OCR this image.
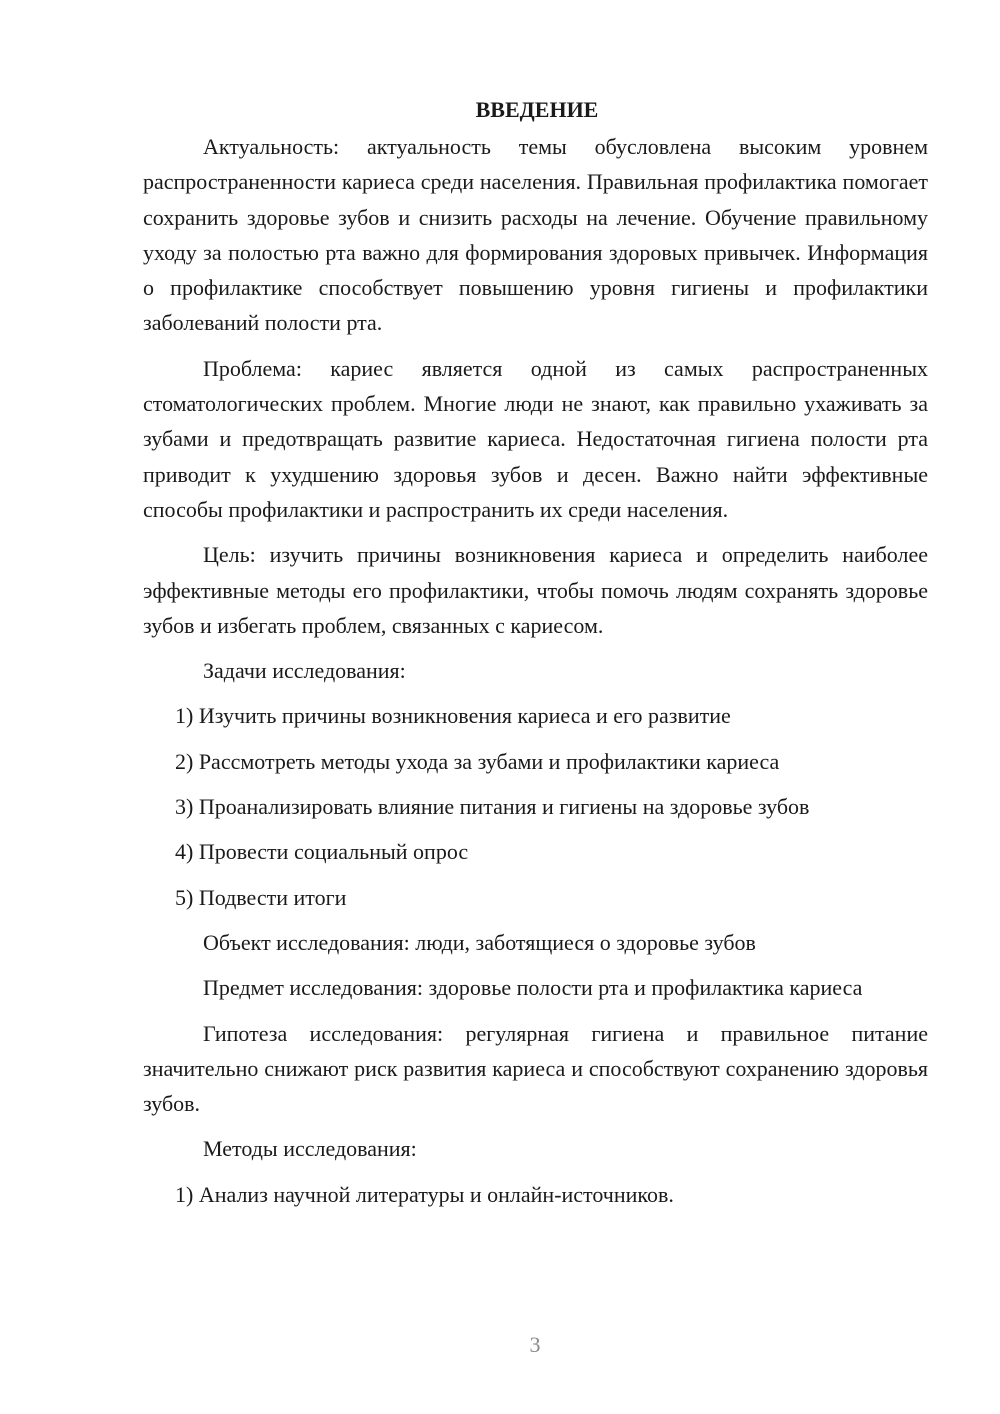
ВВЕДЕНИЕ

Актуальность: актуальность темы обусловлена высоким уровнем распространенности кариеса среди населения. Правильная профилактика помогает сохранить здоровье зубов и снизить расходы на лечение. Обучение правильному уходу за полостью рта важно для формирования здоровых привычек. Информация о профилактике способствует повышению уровня гигиены и профилактики заболеваний полости рта.

Проблема: кариес является одной из самых распространенных стоматологических проблем. Многие люди не знают, как правильно ухаживать за зубами и предотвращать развитие кариеса. Недостаточная гигиена полости рта приводит к ухудшению здоровья зубов и десен. Важно найти эффективные способы профилактики и распространить их среди населения.

Цель: изучить причины возникновения кариеса и определить наиболее эффективные методы его профилактики, чтобы помочь людям сохранять здоровье зубов и избегать проблем, связанных с кариесом.

Задачи исследования:
1) Изучить причины возникновения кариеса и его развитие
2) Рассмотреть методы ухода за зубами и профилактики кариеса
3) Проанализировать влияние питания и гигиены на здоровье зубов
4) Провести социальный опрос
5) Подвести итоги

Объект исследования: люди, заботящиеся о здоровье зубов

Предмет исследования: здоровье полости рта и профилактика кариеса

Гипотеза исследования: регулярная гигиена и правильное питание значительно снижают риск развития кариеса и способствуют сохранению здоровья зубов.

Методы исследования:
1) Анализ научной литературы и онлайн-источников.
3
